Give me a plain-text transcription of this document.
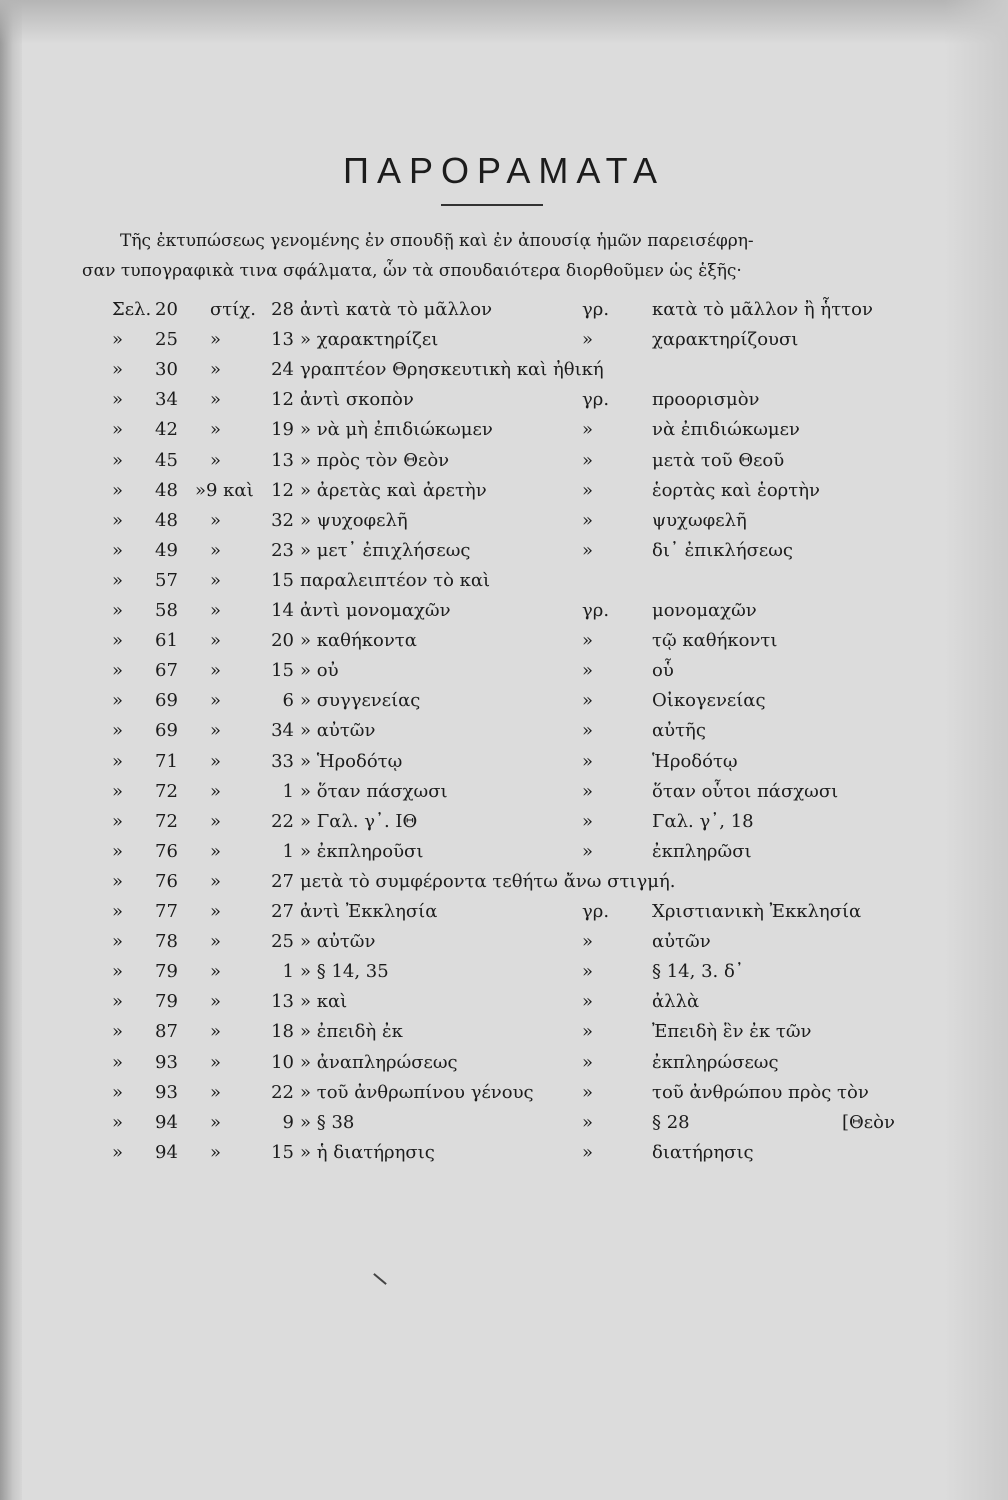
ΠΑΡΟΡΑΜΑΤΑ
Τῆς ἐκτυπώσεως γενομένης ἐν σπουδῇ καὶ ἐν ἀπουσίᾳ ἡμῶν παρεισέφρη-
σαν τυπογραφικὰ τινα σφάλματα, ὧν τὰ σπουδαιότερα διορθοῦμεν ὡς ἑξῆς·
Σελ. 20 στίχ. 28 ἀντὶ κατὰ τὸ μᾶλλον	γρ. κατὰ τὸ μᾶλλον ἢ ἧττον
» 25 »	13 » χαρακτηρίζει	»	χαρακτηρίζουσι
» 30 »	24 γραπτέον Θρησκευτικὴ καὶ ἠθική
» 34 »	12 ἀντὶ σκοπὸν	γρ. προορισμὸν
» 42 »	19 » νὰ μὴ ἐπιδιώκωμεν	»	νὰ ἐπιδιώκωμεν
» 45 »	13 » πρὸς τὸν Θεὸν	»	μετὰ τοῦ Θεοῦ
» 48 »9 καὶ 12 » ἀρετὰς καὶ ἀρετὴν	»	ἑορτὰς καὶ ἑορτὴν
» 48 »	32 » ψυχοφελῆ	»	ψυχωφελῆ
» 49 »	23 » μετ᾿ ἐπιχλήσεως	»	δι᾿ ἐπικλήσεως
» 57 »	15 παραλειπτέον τὸ καὶ
» 58 »	14 ἀντὶ μονομαχῶν	γρ. μονομαχῶν
» 61 »	20 » καθήκοντα	»	τῷ καθήκοντι
» 67 »	15 » οὐ	»	οὗ
» 69 »	6 » συγγενείας	»	Οἰκογενείας
» 69 »	34 » αὐτῶν	»	αὐτῆς
» 71 »	33 » Ἡροδότῳ	»	Ἡροδότῳ
» 72 »	1 » ὅταν πάσχωσι	»	ὅταν οὗτοι πάσχωσι
» 72 »	22 » Γαλ. γ᾿. ΙΘ	»	Γαλ. γ᾿, 18
» 76 »	1 » ἐκπληροῦσι	»	ἐκπληρῶσι
» 76 »	27 μετὰ τὸ συμφέροντα τεθήτω ἄνω στιγμή.
» 77 »	27 ἀντὶ Ἐκκλησία	γρ. Χριστιανικὴ Ἐκκλησία
» 78 »	25 » αὐτῶν	»	αὐτῶν
» 79 »	1 » § 14, 35	»	§ 14, 3. δ᾿
» 79 »	13 » καὶ	»	ἀλλὰ
» 87 »	18 » ἐπειδὴ ἐκ	»	Ἐπειδὴ ἓν ἐκ τῶν
» 93 »	10 » ἀναπληρώσεως	»	ἐκπληρώσεως
» 93 »	22 » τοῦ ἀνθρωπίνου γένους	»	τοῦ ἀνθρώπου πρὸς τὸν
» 94 »	9 » § 38	»	§ 28	[Θεὸν
» 94 »	15 » ἡ διατήρησις	»	διατήρησις
